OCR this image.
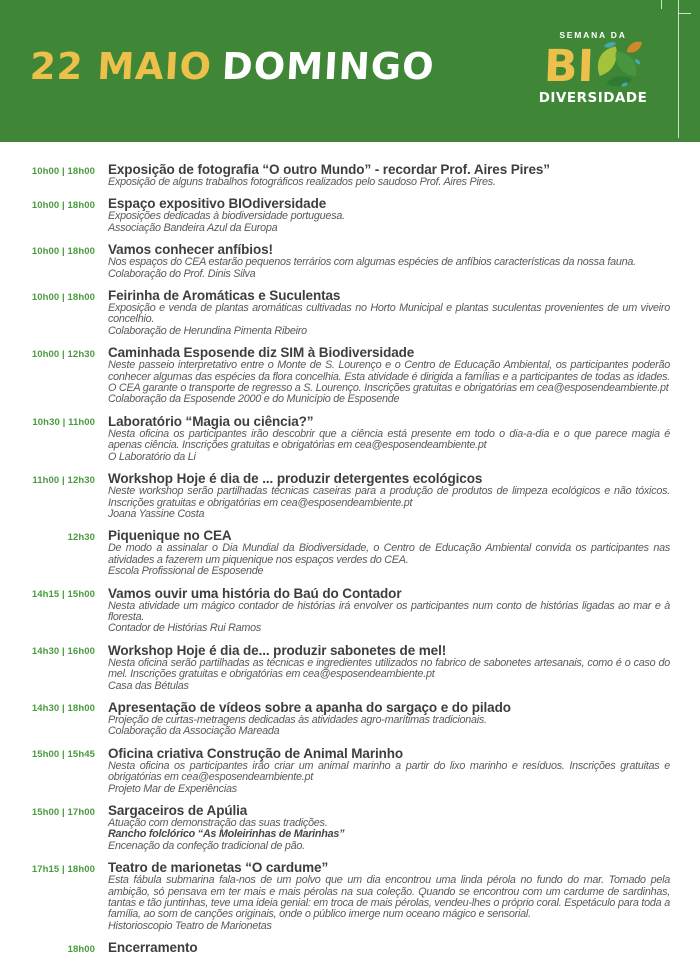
22 MAIO DOMINGO
SEMANA DA
BI
DIVERSIDADE
10h00 | 18h00 Exposição de fotografia “O outro Mundo” - recordar Prof. Aires Pires”
Exposição de alguns trabalhos fotográficos realizados pelo saudoso Prof. Aires Pires.
10h00 | 18h00 Espaço expositivo BIOdiversidade
Exposições dedicadas à biodiversidade portuguesa.
Associação Bandeira Azul da Europa
10h00 | 18h00 Vamos conhecer anfíbios!
Nos espaços do CEA estarão pequenos terrários com algumas espécies de anfíbios características da nossa fauna.
Colaboração do Prof. Dinis Silva
10h00 | 18h00 Feirinha de Aromáticas e Suculentas
Exposição e venda de plantas aromáticas cultivadas no Horto Municipal e plantas suculentas provenientes de um viveiro concelhio.
Colaboração de Herundina Pimenta Ribeiro
10h00 | 12h30 Caminhada Esposende diz SIM à Biodiversidade
Neste passeio interpretativo entre o Monte de S. Lourenço e o Centro de Educação Ambiental, os participantes poderão conhecer algumas das espécies da flora concelhia. Esta atividade é dirigida a famílias e a participantes de todas as idades. O CEA garante o transporte de regresso a S. Lourenço. Inscrições gratuitas e obrigatórias em cea@esposendeambiente.pt
Colaboração da Esposende 2000 e do Município de Esposende
10h30 | 11h00 Laboratório “Magia ou ciência?”
Nesta oficina os participantes irão descobrir que a ciência está presente em todo o dia-a-dia e o que parece magia é apenas ciência. Inscrições gratuitas e obrigatórias em cea@esposendeambiente.pt
O Laboratório da Li
11h00 | 12h30 Workshop Hoje é dia de ... produzir detergentes ecológicos
Neste workshop serão partilhadas técnicas caseiras para a produção de produtos de limpeza ecológicos e não tóxicos. Inscrições gratuitas e obrigatórias em cea@esposendeambiente.pt
Joana Yassine Costa
12h30 Piquenique no CEA
De modo a assinalar o Dia Mundial da Biodiversidade, o Centro de Educação Ambiental convida os participantes nas atividades a fazerem um piquenique nos espaços verdes do CEA.
Escola Profissional de Esposende
14h15 | 15h00 Vamos ouvir uma história do Baú do Contador
Nesta atividade um mágico contador de histórias irá envolver os participantes num conto de histórias ligadas ao mar e à floresta.
Contador de Histórias Rui Ramos
14h30 | 16h00 Workshop Hoje é dia de... produzir sabonetes de mel!
Nesta oficina serão partilhadas as técnicas e ingredientes utilizados no fabrico de sabonetes artesanais, como é o caso do mel. Inscrições gratuitas e obrigatórias em cea@esposendeambiente.pt
Casa das Bétulas
14h30 | 18h00 Apresentação de vídeos sobre a apanha do sargaço e do pilado
Projeção de curtas-metragens dedicadas às atividades agro-marítimas tradicionais.
Colaboração da Associação Mareada
15h00 | 15h45 Oficina criativa Construção de Animal Marinho
Nesta oficina os participantes irão criar um animal marinho a partir do lixo marinho e resíduos. Inscrições gratuitas e obrigatórias em cea@esposendeambiente.pt
Projeto Mar de Experiências
15h00 | 17h00 Sargaceiros de Apúlia
Atuação com demonstração das suas tradições.
Rancho folclórico “As Moleirinhas de Marinhas”
Encenação da confeção tradicional de pão.
17h15 | 18h00 Teatro de marionetas “O cardume”
Esta fábula submarina fala-nos de um polvo que um dia encontrou uma linda pérola no fundo do mar. Tomado pela ambição, só pensava em ter mais e mais pérolas na sua coleção. Quando se encontrou com um cardume de sardinhas, tantas e tão juntinhas, teve uma ideia genial: em troca de mais pérolas, vendeu-lhes o próprio coral. Espetáculo para toda a família, ao som de canções originais, onde o público imerge num oceano mágico e sensorial.
Historioscopio Teatro de Marionetas
18h00 Encerramento
